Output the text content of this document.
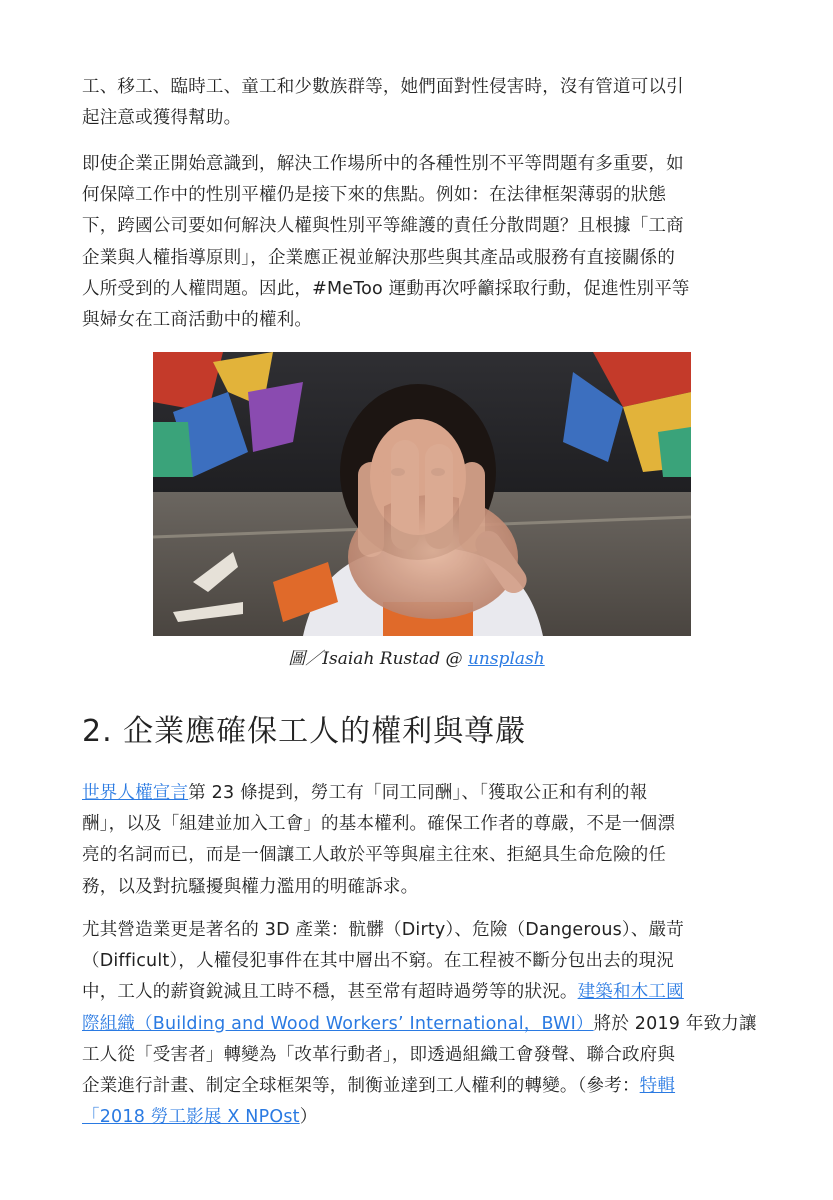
工、移工、臨時工、童工和少數族群等，她們面對性侵害時，沒有管道可以引
起注意或獲得幫助。

即使企業正開始意識到，解決工作場所中的各種性別不平等問題有多重要，如
何保障工作中的性別平權仍是接下來的焦點。例如：在法律框架薄弱的狀態
下，跨國公司要如何解決人權與性別平等維護的責任分散問題？且根據「工商
企業與人權指導原則」，企業應正視並解決那些與其產品或服務有直接關係的
人所受到的人權問題。因此，#MeToo 運動再次呼籲採取行動，促進性別平等
與婦女在工商活動中的權利。

圖／Isaiah Rustad @ unsplash
2. 企業應確保工人的權利與尊嚴

世界人權宣言第 23 條提到，勞工有「同工同酬」、「獲取公正和有利的報
酬」，以及「組建並加入工會」的基本權利。確保工作者的尊嚴，不是一個漂
亮的名詞而已，而是一個讓工人敢於平等與雇主往來、拒絕具生命危險的任
務，以及對抗騷擾與權力濫用的明確訴求。

尤其營造業更是著名的 3D 產業：骯髒（Dirty）、危險（Dangerous）、嚴苛
（Difficult），人權侵犯事件在其中層出不窮。在工程被不斷分包出去的現況
中，工人的薪資銳減且工時不穩，甚至常有超時過勞等的狀況。建築和木工國
際組織（Building and Wood Workers’ International，BWI）將於 2019 年致力讓
工人從「受害者」轉變為「改革行動者」，即透過組織工會發聲、聯合政府與
企業進行計畫、制定全球框架等，制衡並達到工人權利的轉變。（參考：特輯
「2018 勞工影展 X NPOst）
